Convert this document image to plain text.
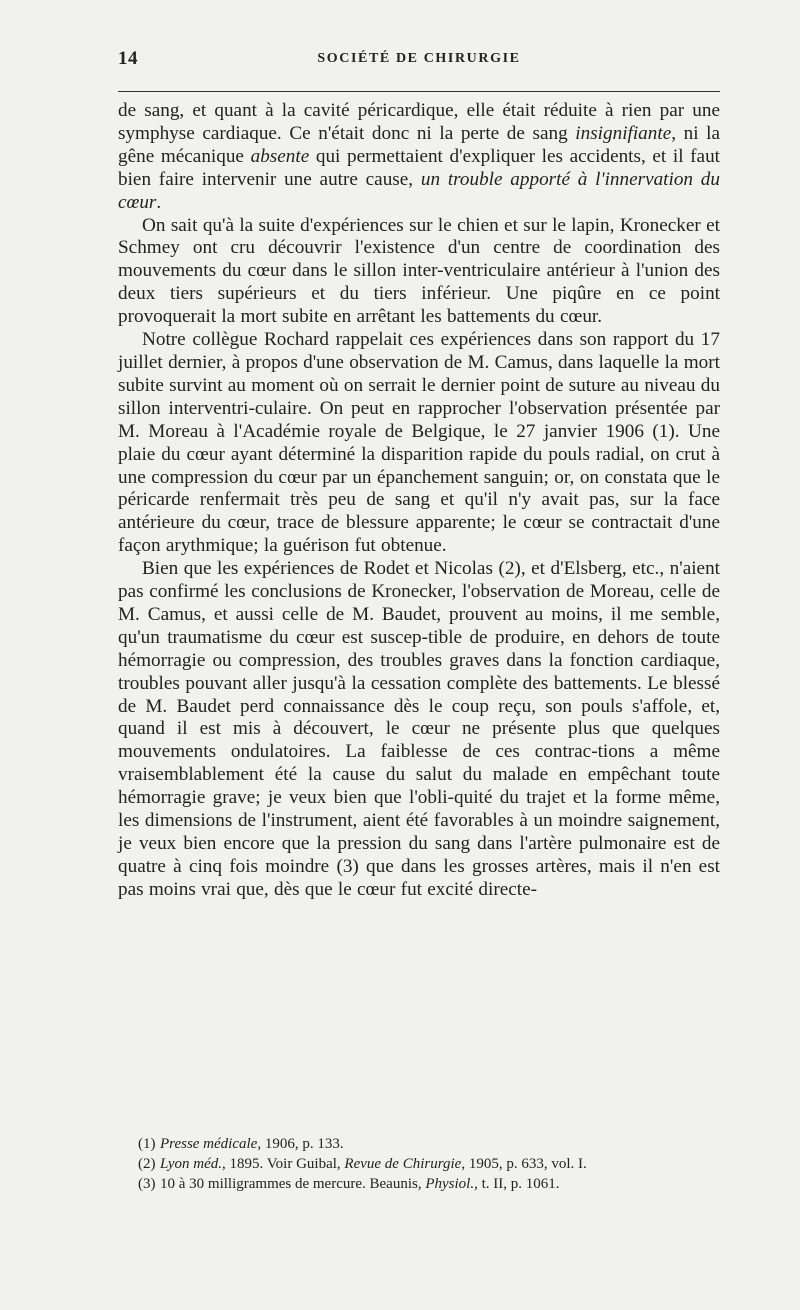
14	SOCIÉTÉ DE CHIRURGIE

de sang, et quant à la cavité péricardique, elle était réduite à rien par une symphyse cardiaque. Ce n'était donc ni la perte de sang insignifiante, ni la gêne mécanique absente qui permettaient d'expliquer les accidents, et il faut bien faire intervenir une autre cause, un trouble apporté à l'innervation du cœur.

On sait qu'à la suite d'expériences sur le chien et sur le lapin, Kronecker et Schmey ont cru découvrir l'existence d'un centre de coordination des mouvements du cœur dans le sillon inter-ventriculaire antérieur à l'union des deux tiers supérieurs et du tiers inférieur. Une piqûre en ce point provoquerait la mort subite en arrêtant les battements du cœur.

Notre collègue Rochard rappelait ces expériences dans son rapport du 17 juillet dernier, à propos d'une observation de M. Camus, dans laquelle la mort subite survint au moment où on serrait le dernier point de suture au niveau du sillon interventri-culaire. On peut en rapprocher l'observation présentée par M. Moreau à l'Académie royale de Belgique, le 27 janvier 1906 (1). Une plaie du cœur ayant déterminé la disparition rapide du pouls radial, on crut à une compression du cœur par un épanchement sanguin; or, on constata que le péricarde renfermait très peu de sang et qu'il n'y avait pas, sur la face antérieure du cœur, trace de blessure apparente; le cœur se contractait d'une façon arythmique; la guérison fut obtenue.

Bien que les expériences de Rodet et Nicolas (2), et d'Elsberg, etc., n'aient pas confirmé les conclusions de Kronecker, l'observation de Moreau, celle de M. Camus, et aussi celle de M. Baudet, prouvent au moins, il me semble, qu'un traumatisme du cœur est suscep-tible de produire, en dehors de toute hémorragie ou compression, des troubles graves dans la fonction cardiaque, troubles pouvant aller jusqu'à la cessation complète des battements. Le blessé de M. Baudet perd connaissance dès le coup reçu, son pouls s'affole, et, quand il est mis à découvert, le cœur ne présente plus que quelques mouvements ondulatoires. La faiblesse de ces contrac-tions a même vraisemblablement été la cause du salut du malade en empêchant toute hémorragie grave; je veux bien que l'obli-quité du trajet et la forme même, les dimensions de l'instrument, aient été favorables à un moindre saignement, je veux bien encore que la pression du sang dans l'artère pulmonaire est de quatre à cinq fois moindre (3) que dans les grosses artères, mais il n'en est pas moins vrai que, dès que le cœur fut excité directe-

(1) Presse médicale, 1906, p. 133.

(2) Lyon méd., 1895. Voir Guibal, Revue de Chirurgie, 1905, p. 633, vol. I.

(3) 10 à 30 milligrammes de mercure. Beaunis, Physiol., t. II, p. 1061.
